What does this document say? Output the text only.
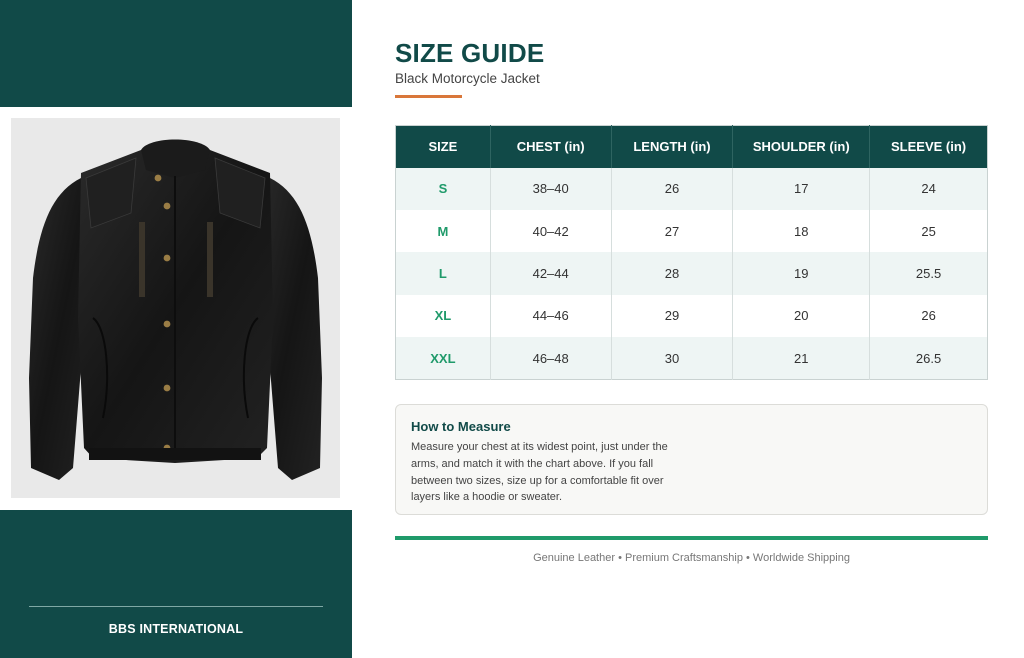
BBS INTERNATIONAL
SIZE GUIDE
Black Motorcycle Jacket
SIZE	CHEST (in)	LENGTH (in)	SHOULDER (in)	SLEEVE (in)
S	38–40	26	17	24
M	40–42	27	18	25
L	42–44	28	19	25.5
XL	44–46	29	20	26
XXL	46–48	30	21	26.5
How to Measure

Measure your chest at its widest point, just under the arms, and match it with the chart above. If you fall between two sizes, size up for a comfortable fit over layers like a hoodie or sweater.

Genuine Leather • Premium Craftsmanship • Worldwide Shipping
